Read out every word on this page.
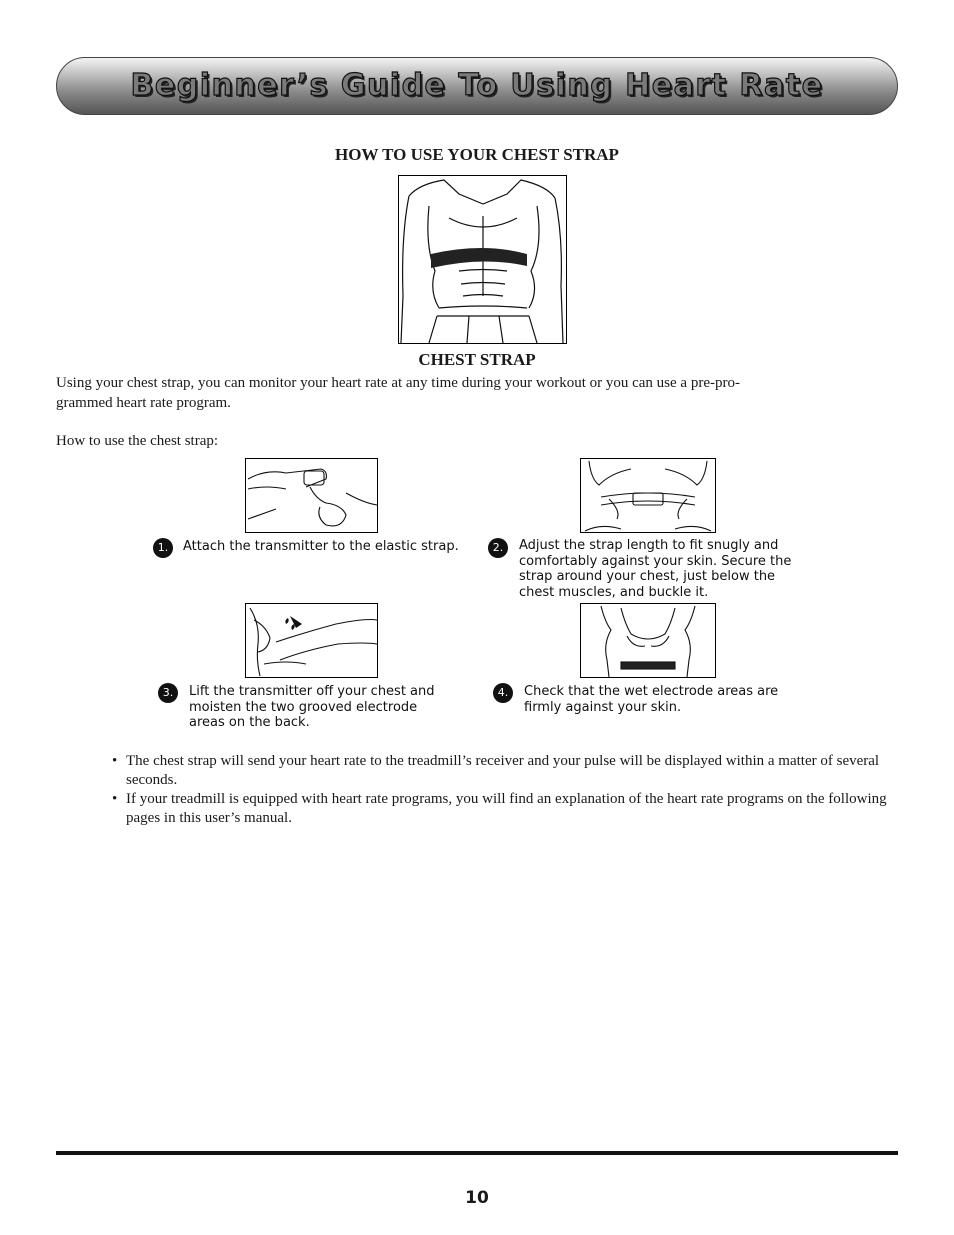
Beginner’s Guide To Using Heart Rate
HOW TO USE YOUR CHEST STRAP
CHEST STRAP
Using your chest strap, you can monitor your heart rate at any time during your workout or you can use a pre-pro-
grammed heart rate program.
How to use the chest strap:
1.	Attach the transmitter to the elastic strap.	2.	Adjust the strap length to fit snugly and comfortably against your skin. Secure the strap around your chest, just below the chest muscles, and buckle it.
3.	Lift the transmitter off your chest and moisten the two grooved electrode areas on the back.
4.	Check that the wet electrode areas are firmly against your skin.
• The chest strap will send your heart rate to the treadmill’s receiver and your pulse will be displayed within a matter of several seconds.
• If your treadmill is equipped with heart rate programs, you will find an explanation of the heart rate programs on the following pages in this user’s manual.
10
